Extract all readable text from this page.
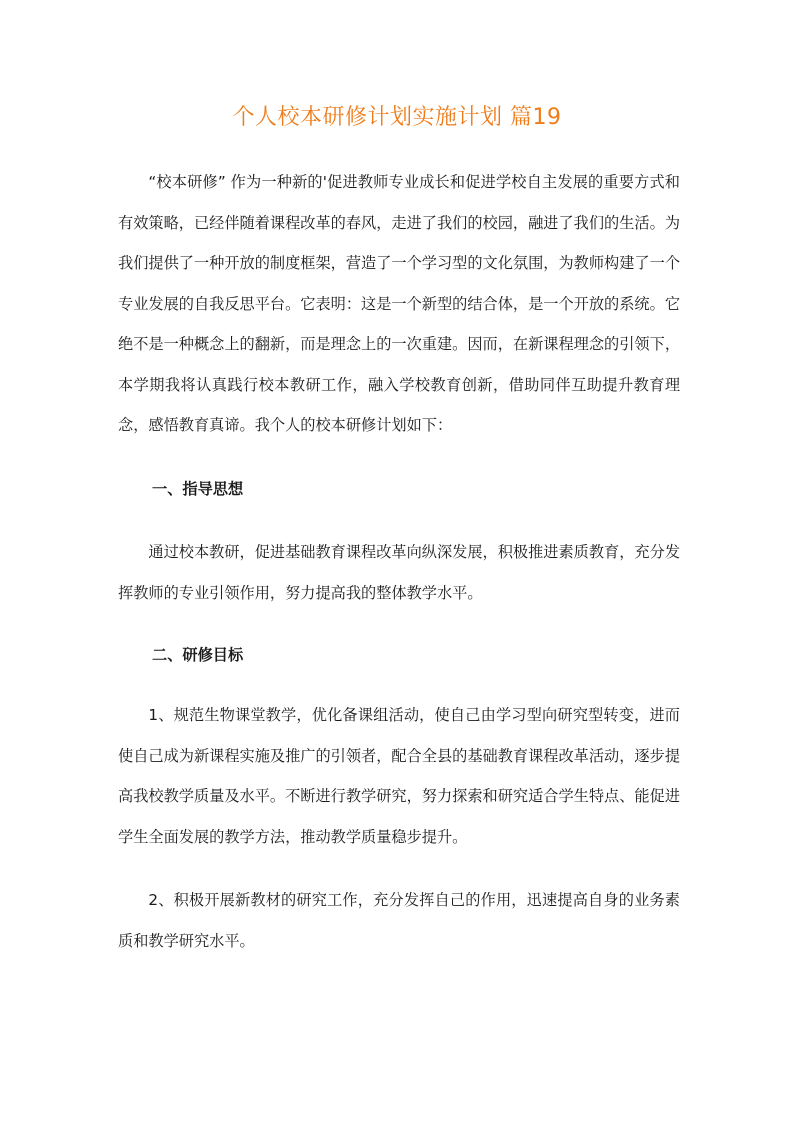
个人校本研修计划实施计划 篇19

“校本研修” 作为一种新的'促进教师专业成长和促进学校自主发展的重要方式和有效策略，已经伴随着课程改革的春风，走进了我们的校园，融进了我们的生活。为我们提供了一种开放的制度框架，营造了一个学习型的文化氛围，为教师构建了一个专业发展的自我反思平台。它表明：这是一个新型的结合体，是一个开放的系统。它绝不是一种概念上的翻新，而是理念上的一次重建。因而，在新课程理念的引领下，本学期我将认真践行校本教研工作，融入学校教育创新，借助同伴互助提升教育理念，感悟教育真谛。我个人的校本研修计划如下：

一、指导思想

通过校本教研，促进基础教育课程改革向纵深发展，积极推进素质教育，充分发挥教师的专业引领作用，努力提高我的整体教学水平。

二、研修目标

1、规范生物课堂教学，优化备课组活动，使自己由学习型向研究型转变，进而使自己成为新课程实施及推广的引领者，配合全县的基础教育课程改革活动，逐步提高我校教学质量及水平。不断进行教学研究，努力探索和研究适合学生特点、能促进学生全面发展的教学方法，推动教学质量稳步提升。

2、积极开展新教材的研究工作，充分发挥自己的作用，迅速提高自身的业务素质和教学研究水平。
